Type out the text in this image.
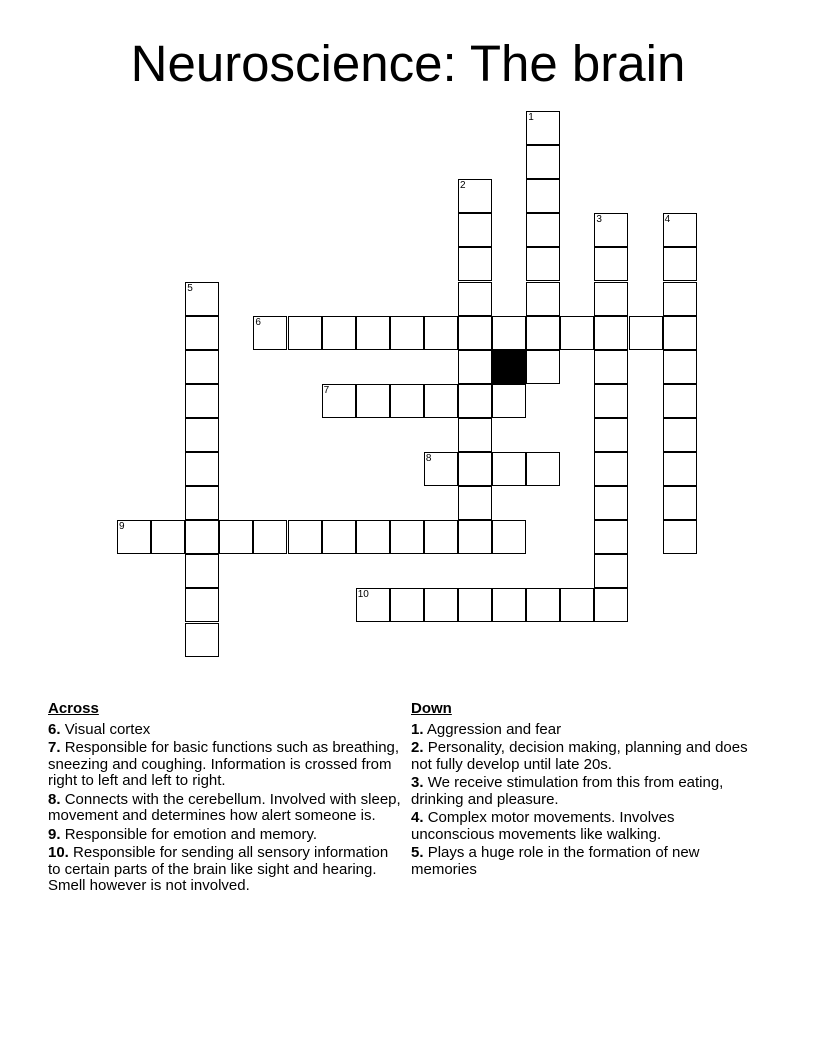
Neuroscience: The brain
1
2
3	4
5
6
7
8
9
10
Across
6. Visual cortex
7. Responsible for basic functions such as breathing, sneezing and coughing. Information is crossed from right to left and left to right.
8. Connects with the cerebellum. Involved with sleep, movement and determines how alert someone is.
9. Responsible for emotion and memory.
10. Responsible for sending all sensory information to certain parts of the brain like sight and hearing. Smell however is not involved.
Down
1. Aggression and fear
2. Personality, decision making, planning and does not fully develop until late 20s.
3. We receive stimulation from this from eating, drinking and pleasure.
4. Complex motor movements. Involves unconscious movements like walking.
5. Plays a huge role in the formation of new memories
